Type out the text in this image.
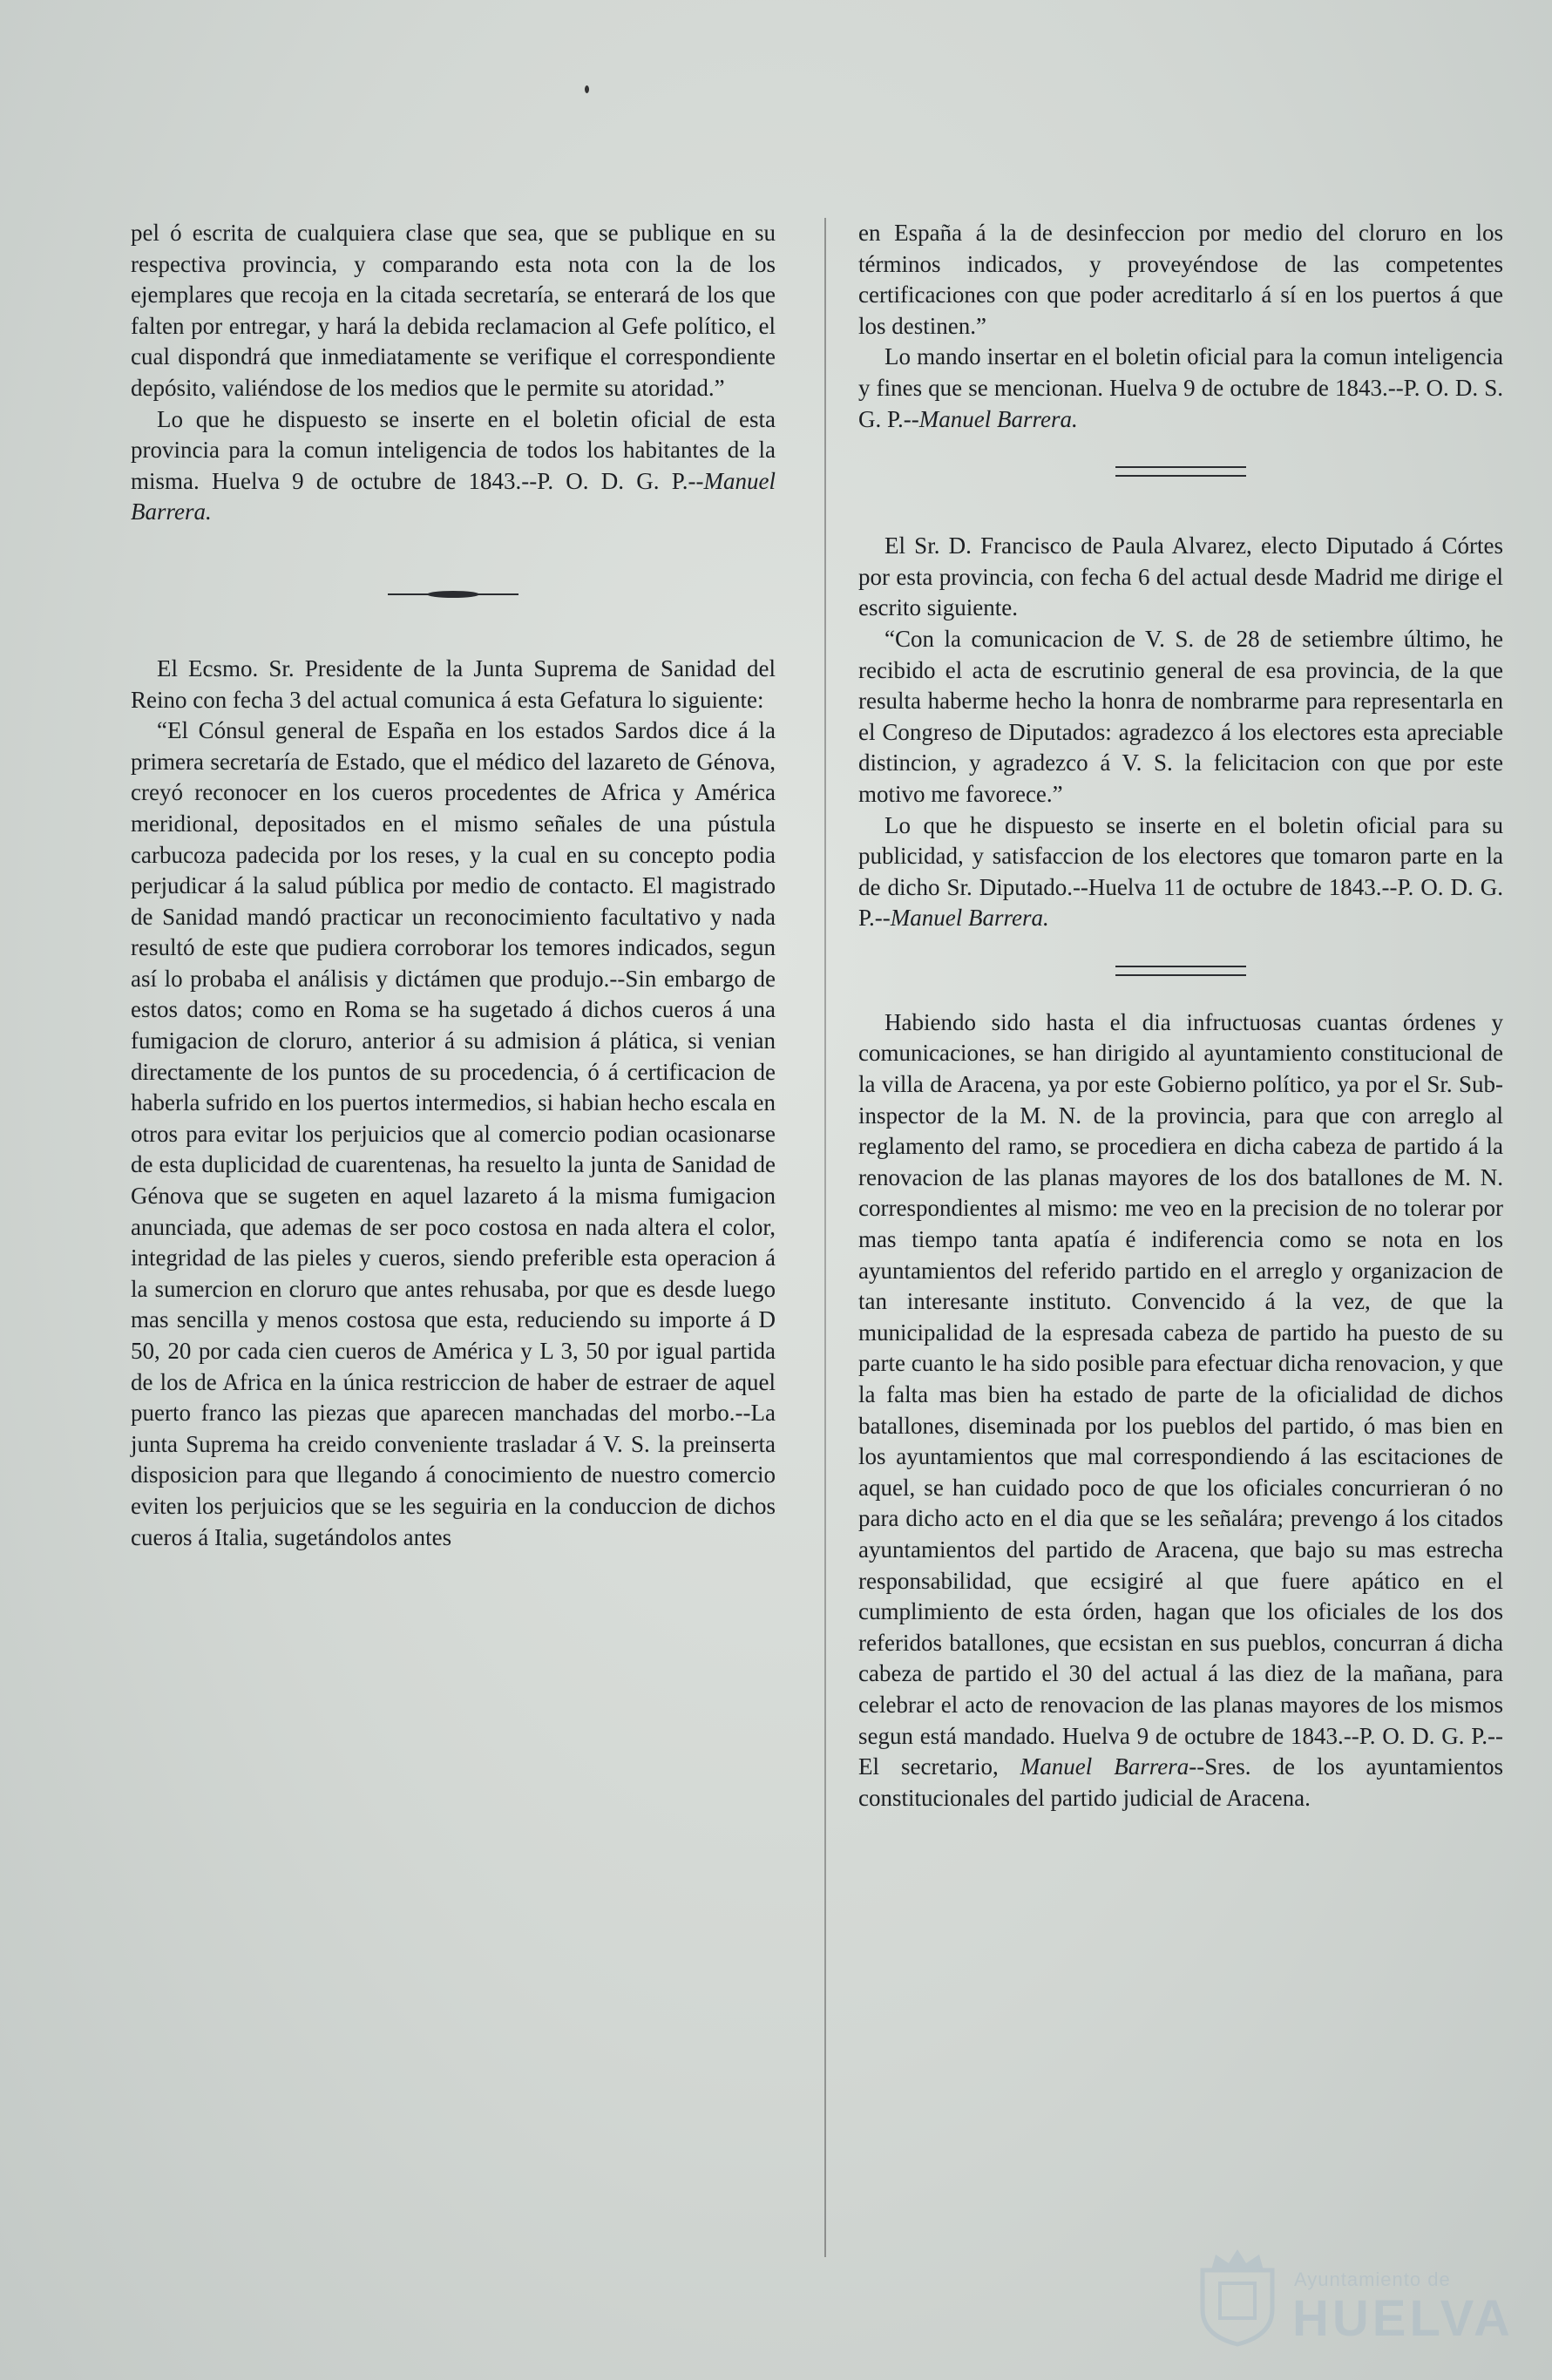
pel ó escrita de cualquiera clase que sea, que se publique en su respectiva provincia, y comparando esta nota con la de los ejemplares que recoja en la citada secretaría, se enterará de los que falten por entregar, y hará la debida reclamacion al Gefe político, el cual dispondrá que inmediatamente se verifique el correspondiente depósito, valiéndose de los medios que le permite su atoridad.”

Lo que he dispuesto se inserte en el boletin oficial de esta provincia para la comun inteligencia de todos los habitantes de la misma. Huelva 9 de octubre de 1843.--P. O. D. G. P.--Manuel Barrera.

El Ecsmo. Sr. Presidente de la Junta Suprema de Sanidad del Reino con fecha 3 del actual comunica á esta Gefatura lo siguiente:

“El Cónsul general de España en los estados Sardos dice á la primera secretaría de Estado, que el médico del lazareto de Génova, creyó reconocer en los cueros procedentes de Africa y América meridional, depositados en el mismo señales de una pústula carbucoza padecida por los reses, y la cual en su concepto podia perjudicar á la salud pública por medio de contacto. El magistrado de Sanidad mandó practicar un reconocimiento facultativo y nada resultó de este que pudiera corroborar los temores indicados, segun así lo probaba el análisis y dictámen que produjo.--Sin embargo de estos datos; como en Roma se ha sugetado á dichos cueros á una fumigacion de cloruro, anterior á su admision á plática, si venian directamente de los puntos de su procedencia, ó á certificacion de haberla sufrido en los puertos intermedios, si habian hecho escala en otros para evitar los perjuicios que al comercio podian ocasionarse de esta duplicidad de cuarentenas, ha resuelto la junta de Sanidad de Génova que se sugeten en aquel lazareto á la misma fumigacion anunciada, que ademas de ser poco costosa en nada altera el color, integridad de las pieles y cueros, siendo preferible esta operacion á la sumercion en cloruro que antes rehusaba, por que es desde luego mas sencilla y menos costosa que esta, reduciendo su importe á D 50, 20 por cada cien cueros de América y L 3, 50 por igual partida de los de Africa en la única restriccion de haber de estraer de aquel puerto franco las piezas que aparecen manchadas del morbo.--La junta Suprema ha creido conveniente trasladar á V. S. la preinserta disposicion para que llegando á conocimiento de nuestro comercio eviten los perjuicios que se les seguiria en la conduccion de dichos cueros á Italia, sugetándolos antes

en España á la de desinfeccion por medio del cloruro en los términos indicados, y proveyéndose de las competentes certificaciones con que poder acreditarlo á sí en los puertos á que los destinen.”

Lo mando insertar en el boletin oficial para la comun inteligencia y fines que se mencionan. Huelva 9 de octubre de 1843.--P. O. D. S. G. P.--Manuel Barrera.

El Sr. D. Francisco de Paula Alvarez, electo Diputado á Córtes por esta provincia, con fecha 6 del actual desde Madrid me dirige el escrito siguiente.

“Con la comunicacion de V. S. de 28 de setiembre último, he recibido el acta de escrutinio general de esa provincia, de la que resulta haberme hecho la honra de nombrarme para representarla en el Congreso de Diputados: agradezco á los electores esta apreciable distincion, y agradezco á V. S. la felicitacion con que por este motivo me favorece.”

Lo que he dispuesto se inserte en el boletin oficial para su publicidad, y satisfaccion de los electores que tomaron parte en la de dicho Sr. Diputado.--Huelva 11 de octubre de 1843.--P. O. D. G. P.--Manuel Barrera.

Habiendo sido hasta el dia infructuosas cuantas órdenes y comunicaciones, se han dirigido al ayuntamiento constitucional de la villa de Aracena, ya por este Gobierno político, ya por el Sr. Sub-inspector de la M. N. de la provincia, para que con arreglo al reglamento del ramo, se procediera en dicha cabeza de partido á la renovacion de las planas mayores de los dos batallones de M. N. correspondientes al mismo: me veo en la precision de no tolerar por mas tiempo tanta apatía é indiferencia como se nota en los ayuntamientos del referido partido en el arreglo y organizacion de tan interesante instituto. Convencido á la vez, de que la municipalidad de la espresada cabeza de partido ha puesto de su parte cuanto le ha sido posible para efectuar dicha renovacion, y que la falta mas bien ha estado de parte de la oficialidad de dichos batallones, diseminada por los pueblos del partido, ó mas bien en los ayuntamientos que mal correspondiendo á las escitaciones de aquel, se han cuidado poco de que los oficiales concurrieran ó no para dicho acto en el dia que se les señalára; prevengo á los citados ayuntamientos del partido de Aracena, que bajo su mas estrecha responsabilidad, que ecsigiré al que fuere apático en el cumplimiento de esta órden, hagan que los oficiales de los dos referidos batallones, que ecsistan en sus pueblos, concurran á dicha cabeza de partido el 30 del actual á las diez de la mañana, para celebrar el acto de renovacion de las planas mayores de los mismos segun está mandado. Huelva 9 de octubre de 1843.--P. O. D. G. P.--El secretario, Manuel Barrera--Sres. de los ayuntamientos constitucionales del partido judicial de Aracena.

Ayuntamiento de
HUELVA
